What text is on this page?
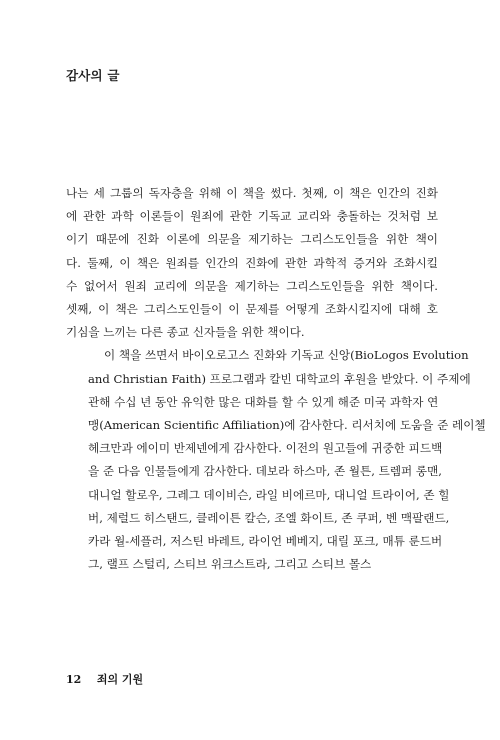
감사의 글

나는 세 그룹의 독자층을 위해 이 책을 썼다. 첫째, 이 책은 인간의 진화
에 관한 과학 이론들이 원죄에 관한 기독교 교리와 충돌하는 것처럼 보
이기 때문에 진화 이론에 의문을 제기하는 그리스도인들을 위한 책이
다. 둘째, 이 책은 원죄를 인간의 진화에 관한 과학적 증거와 조화시킬
수 없어서 원죄 교리에 의문을 제기하는 그리스도인들을 위한 책이다.
셋째, 이 책은 그리스도인들이 이 문제를 어떻게 조화시킬지에 대해 호
기심을 느끼는 다른 종교 신자들을 위한 책이다.

이 책을 쓰면서 바이오로고스 진화와 기독교 신앙(BioLogos Evolution
and Christian Faith) 프로그램과 칼빈 대학교의 후원을 받았다. 이 주제에
관해 수십 년 동안 유익한 많은 대화를 할 수 있게 해준 미국 과학자 연
맹(American Scientific Affiliation)에 감사한다. 리서치에 도움을 준 레이첼
헤크만과 에이미 반제넨에게 감사한다. 이전의 원고들에 귀중한 피드백
을 준 다음 인물들에게 감사한다. 데보라 하스마, 존 월튼, 트렘퍼 롱맨,
대니얼 할로우, 그레그 데이비슨, 라일 비에르마, 대니얼 트라이어, 존 힐
버, 제럴드 히스탠드, 클레이튼 칼슨, 조엘 화이트, 존 쿠퍼, 벤 맥팔랜드,
카라 월-세플러, 저스틴 바레트, 라이언 베베지, 대릴 포크, 매튜 룬드버
그, 랠프 스털리, 스티브 위크스트라, 그리고 스티브 몰스

12 죄의 기원
